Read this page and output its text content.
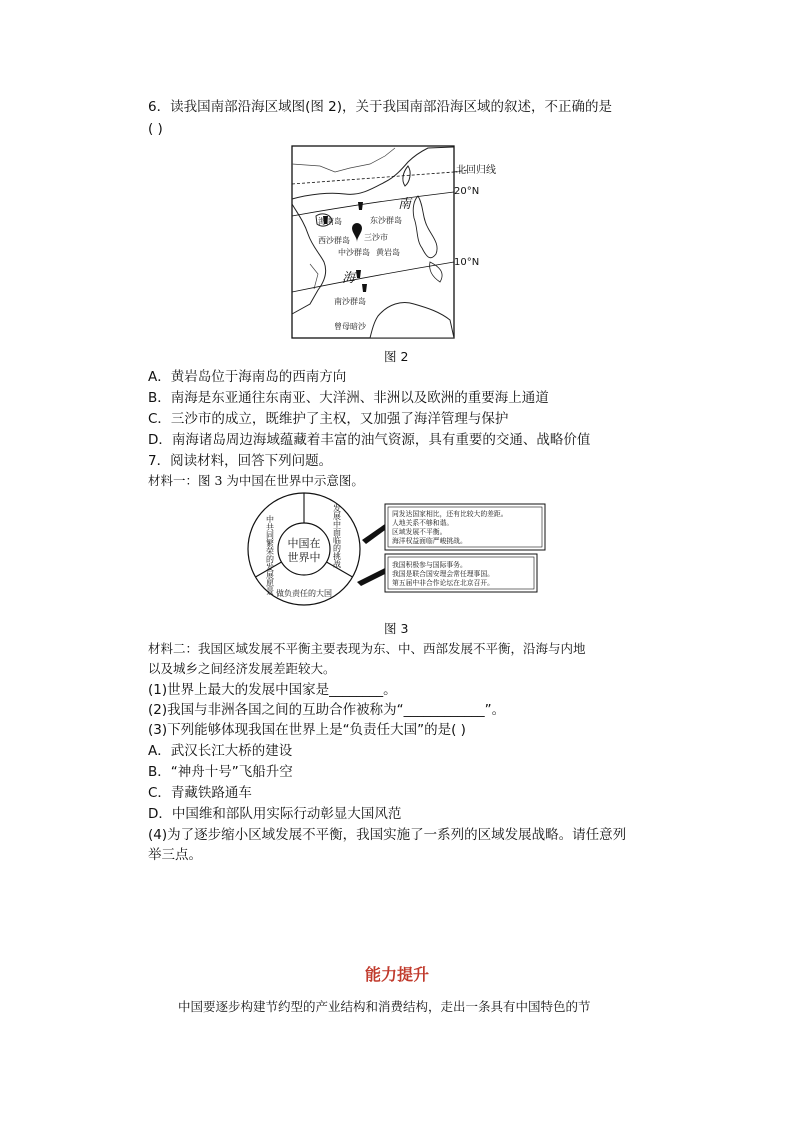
6．读我国南部沿海区域图(图 2)，关于我国南部沿海区域的叙述，不正确的是
( )
北回归线
20°N
10°N
南
海
海南岛	东沙群岛
西沙群岛 三沙市
中沙群岛 黄岩岛
南沙群岛
曾母暗沙
图 2
A．黄岩岛位于海南岛的西南方向
B．南海是东亚通往东南亚、大洋洲、非洲以及欧洲的重要海上通道
C．三沙市的成立，既维护了主权，又加强了海洋管理与保护
D．南海诸岛周边海域蕴藏着丰富的油气资源，具有重要的交通、战略价值
7．阅读材料，回答下列问题。
材料一：图 3 为中国在世界中示意图。
中国在
世界中
中共同繁荣的发展愿景	发展中面临的挑战
做负责任的大国
同发达国家相比，还有比较大的差距。
人地关系不够和谐。
区域发展不平衡。
海洋权益面临严峻挑战。
我国积极参与国际事务。
我国是联合国安理会常任理事国。
第五届中非合作论坛在北京召开。
图 3
材料二：我国区域发展不平衡主要表现为东、中、西部发展不平衡，沿海与内地
以及城乡之间经济发展差距较大。
(1)世界上最大的发展中国家是________。
(2)我国与非洲各国之间的互助合作被称为“____________”。
(3)下列能够体现我国在世界上是“负责任大国”的是( )
A．武汉长江大桥的建设
B．“神舟十号”飞船升空
C．青藏铁路通车
D．中国维和部队用实际行动彰显大国风范
(4)为了逐步缩小区域发展不平衡，我国实施了一系列的区域发展战略。请任意列
举三点。
能力提升
中国要逐步构建节约型的产业结构和消费结构，走出一条具有中国特色的节
